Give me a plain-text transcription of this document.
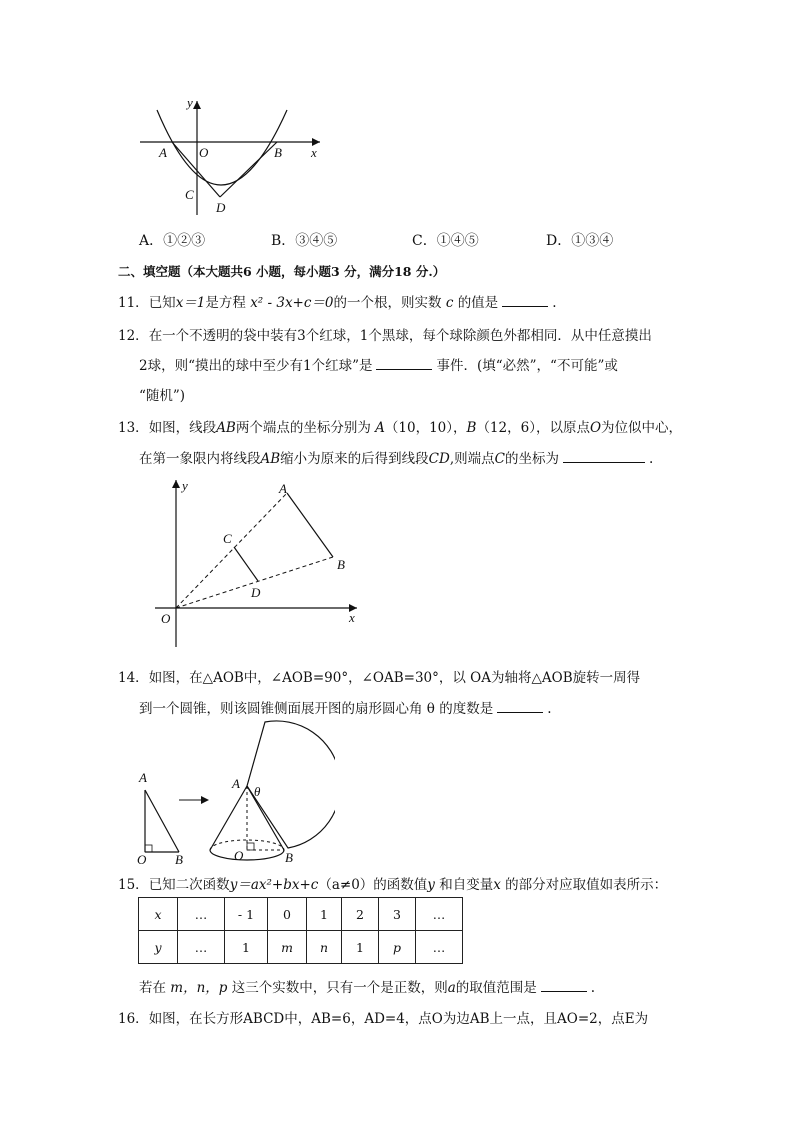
y
x
A O	B
C
D
A．①②③	B．③④⑤	C．①④⑤	D．①③④
二、填空题（本大题共6 小题，每小题3 分，满分18 分.）
11．已知x＝1是方程 x² - 3x+c＝0的一个根，则实数 c 的值是	.
12．在一个不透明的袋中装有3个红球，1个黑球，每个球除颜色外都相同．从中任意摸出
2球，则“摸出的球中至少有1个红球”是	事件．(填“必然”，“不可能”或
“随机”)
13．如图，线段AB两个端点的坐标分别为 A（10，10），B（12，6），以原点O为位似中心，
在第一象限内将线段AB缩小为原来的后得到线段CD,则端点C的坐标为	.
y
x
O
A
B
C
D
14．如图，在△AOB中，∠AOB=90°，∠OAB=30°，以 OA为轴将△AOB旋转一周得
到一个圆锥，则该圆锥侧面展开图的扇形圆心角 θ 的度数是	.
A
O B
A
θ
O	B
15．已知二次函数y＝ax²+bx+c（a≠0）的函数值y 和自变量x 的部分对应取值如表所示：
x	…	- 1	0	1	2	3	…
y	…	1	m	n	1	p	…
若在 m，n，p 这三个实数中，只有一个是正数，则a的取值范围是	.
16．如图，在长方形ABCD中，AB=6，AD=4，点O为边AB上一点，且AO=2，点E为
